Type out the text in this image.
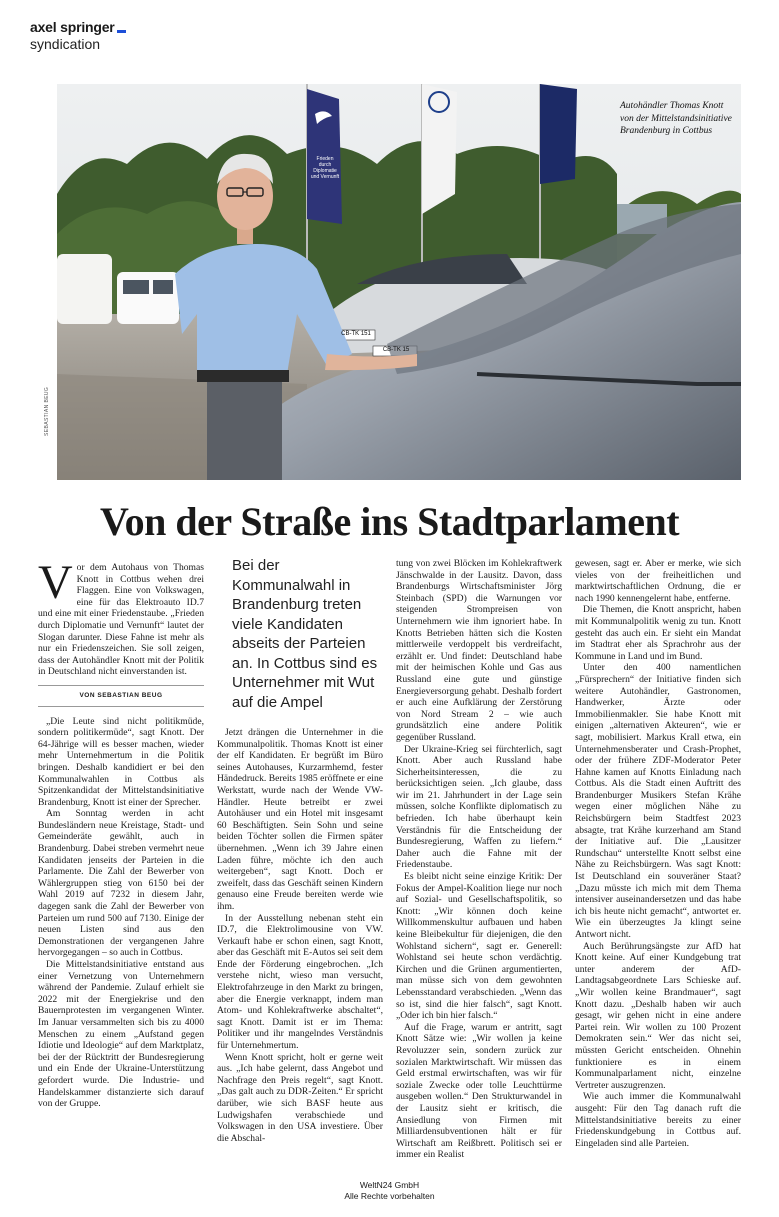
axel springer
syndication
Frieden durch Diplomatie und Vernunft
CB-TK 151
CB-TK 15
SEBASTIAN BEUG
Autohändler Thomas Knott von der Mittelstandsinitiative Brandenburg in Cottbus
Von der Straße ins Stadtparlament

Vor dem Autohaus von Thomas Knott in Cottbus wehen drei Flaggen. Eine von Volkswagen, eine für das Elektroauto ID.7 und eine mit einer Friedenstaube. „Frieden durch Diplomatie und Vernunft“ lautet der Slogan darunter. Diese Fahne ist mehr als nur ein Friedenszeichen. Sie soll zeigen, dass der Autohändler Knott mit der Politik in Deutschland nicht einverstanden ist.

VON SEBASTIAN BEUG

„Die Leute sind nicht politikmüde, sondern politikermüde“, sagt Knott. Der 64-Jährige will es besser machen, wieder mehr Unternehmertum in die Politik bringen. Deshalb kandidiert er bei den Kommunalwahlen in Cottbus als Spitzenkandidat der Mittelstandsinitiative Brandenburg, Knott ist einer der Sprecher.

Am Sonntag werden in acht Bundesländern neue Kreistage, Stadt- und Gemeinderäte gewählt, auch in Brandenburg. Dabei streben vermehrt neue Kandidaten jenseits der Parteien in die Parlamente. Die Zahl der Bewerber von Wählergruppen stieg von 6150 bei der Wahl 2019 auf 7232 in diesem Jahr, dagegen sank die Zahl der Bewerber von Parteien um rund 500 auf 7130. Einige der neuen Listen sind aus den Demonstrationen der vergangenen Jahre hervorgegangen – so auch in Cottbus.

Die Mittelstandsinitiative entstand aus einer Vernetzung von Unternehmern während der Pandemie. Zulauf erhielt sie 2022 mit der Energiekrise und den Bauernprotesten im vergangenen Winter. Im Januar versammelten sich bis zu 4000 Menschen zu einem „Aufstand gegen Idiotie und Ideologie“ auf dem Marktplatz, bei der der Rücktritt der Bundesregierung und ein Ende der Ukraine-Unterstützung gefordert wurde. Die Industrie- und Handelskammer distanzierte sich darauf von der Gruppe.

Bei der Kommunalwahl in Brandenburg treten viele Kandidaten abseits der Parteien an. In Cottbus sind es Unternehmer mit Wut auf die Ampel

Jetzt drängen die Unternehmer in die Kommunalpolitik. Thomas Knott ist einer der elf Kandidaten. Er begrüßt im Büro seines Autohauses, Kurzarmhemd, fester Händedruck. Bereits 1985 eröffnete er eine Werkstatt, wurde nach der Wende VW-Händler. Heute betreibt er zwei Autohäuser und ein Hotel mit insgesamt 60 Beschäftigten. Sein Sohn und seine beiden Töchter sollen die Firmen später übernehmen. „Wenn ich 39 Jahre einen Laden führe, möchte ich den auch weitergeben“, sagt Knott. Doch er zweifelt, dass das Geschäft seinen Kindern genauso eine Freude bereiten werde wie ihm.

In der Ausstellung nebenan steht ein ID.7, die Elektrolimousine von VW. Verkauft habe er schon einen, sagt Knott, aber das Geschäft mit E-Autos sei seit dem Ende der Förderung eingebrochen. „Ich verstehe nicht, wieso man versucht, Elektrofahrzeuge in den Markt zu bringen, aber die Energie verknappt, indem man Atom- und Kohlekraftwerke abschaltet“, sagt Knott. Damit ist er im Thema: Politiker und ihr mangelndes Verständnis für Unternehmertum.

Wenn Knott spricht, holt er gerne weit aus. „Ich habe gelernt, dass Angebot und Nachfrage den Preis regelt“, sagt Knott. „Das galt auch zu DDR-Zeiten.“ Er spricht darüber, wie sich BASF heute aus Ludwigshafen verabschiede und Volkswagen in den USA investiere. Über die Abschal-

tung von zwei Blöcken im Kohlekraftwerk Jänschwalde in der Lausitz. Davon, dass Brandenburgs Wirtschaftsminister Jörg Steinbach (SPD) die Warnungen vor steigenden Strompreisen von Unternehmern wie ihm ignoriert habe. In Knotts Betrieben hätten sich die Kosten mittlerweile verdoppelt bis verdreifacht, erzählt er. Und findet: Deutschland habe mit der heimischen Kohle und Gas aus Russland eine gute und günstige Energieversorgung gehabt. Deshalb fordert er auch eine Aufklärung der Zerstörung von Nord Stream 2 – wie auch grundsätzlich eine andere Politik gegenüber Russland.

Der Ukraine-Krieg sei fürchterlich, sagt Knott. Aber auch Russland habe Sicherheitsinteressen, die zu berücksichtigen seien. „Ich glaube, dass wir im 21. Jahrhundert in der Lage sein müssen, solche Konflikte diplomatisch zu befrieden. Ich habe überhaupt kein Verständnis für die Entscheidung der Bundesregierung, Waffen zu liefern.“ Daher auch die Fahne mit der Friedenstaube.

Es bleibt nicht seine einzige Kritik: Der Fokus der Ampel-Koalition liege nur noch auf Sozial- und Gesellschaftspolitik, so Knott: „Wir können doch keine Willkommenskultur aufbauen und haben keine Bleibekultur für diejenigen, die den Wohlstand sichern“, sagt er. Generell: Wohlstand sei heute schon verdächtig. Kirchen und die Grünen argumentierten, man müsse sich von dem gewohnten Lebensstandard verabschieden. „Wenn das so ist, sind die hier falsch“, sagt Knott. „Oder ich bin hier falsch.“

Auf die Frage, warum er antritt, sagt Knott Sätze wie: „Wir wollen ja keine Revoluzzer sein, sondern zurück zur sozialen Marktwirtschaft. Wir müssen das Geld erstmal erwirtschaften, was wir für soziale Zwecke oder tolle Leuchttürme ausgeben wollen.“ Den Strukturwandel in der Lausitz sieht er kritisch, die Ansiedlung von Firmen mit Milliardensubventionen hält er für Wirtschaft am Reißbrett. Politisch sei er immer ein Realist

gewesen, sagt er. Aber er merke, wie sich vieles von der freiheitlichen und marktwirtschaftlichen Ordnung, die er nach 1990 kennengelernt habe, entferne.

Die Themen, die Knott anspricht, haben mit Kommunalpolitik wenig zu tun. Knott gesteht das auch ein. Er sieht ein Mandat im Stadtrat eher als Sprachrohr aus der Kommune in Land und im Bund.

Unter den 400 namentlichen „Fürsprechern“ der Initiative finden sich weitere Autohändler, Gastronomen, Handwerker, Ärzte oder Immobilienmakler. Sie habe Knott mit einigen „alternativen Akteuren“, wie er sagt, mobilisiert. Markus Krall etwa, ein Unternehmensberater und Crash-Prophet, oder der frühere ZDF-Moderator Peter Hahne kamen auf Knotts Einladung nach Cottbus. Als die Stadt einen Auftritt des Brandenburger Musikers Stefan Krähe wegen einer möglichen Nähe zu Reichsbürgern beim Stadtfest 2023 absagte, trat Krähe kurzerhand am Stand der Initiative auf. Die „Lausitzer Rundschau“ unterstellte Knott selbst eine Nähe zu Reichsbürgern. Was sagt Knott: Ist Deutschland ein souveräner Staat? „Dazu müsste ich mich mit dem Thema intensiver auseinandersetzen und das habe ich bis heute nicht gemacht“, antwortet er. Wie ein überzeugtes Ja klingt seine Antwort nicht.

Auch Berührungsängste zur AfD hat Knott keine. Auf einer Kundgebung trat unter anderem der AfD-Landtagsabgeordnete Lars Schieske auf. „Wir wollen keine Brandmauer“, sagt Knott dazu. „Deshalb haben wir auch gesagt, wir gehen nicht in eine andere Partei rein. Wir wollen zu 100 Prozent Demokraten sein.“ Wer das nicht sei, müssten Gericht entscheiden. Ohnehin funktioniere es in einem Kommunalparlament nicht, einzelne Vertreter auszugrenzen.

Wie auch immer die Kommunalwahl ausgeht: Für den Tag danach ruft die Mittelstandsinitiative bereits zu einer Friedenskundgebung in Cottbus auf. Eingeladen sind alle Parteien.

WeltN24 GmbH
Alle Rechte vorbehalten
